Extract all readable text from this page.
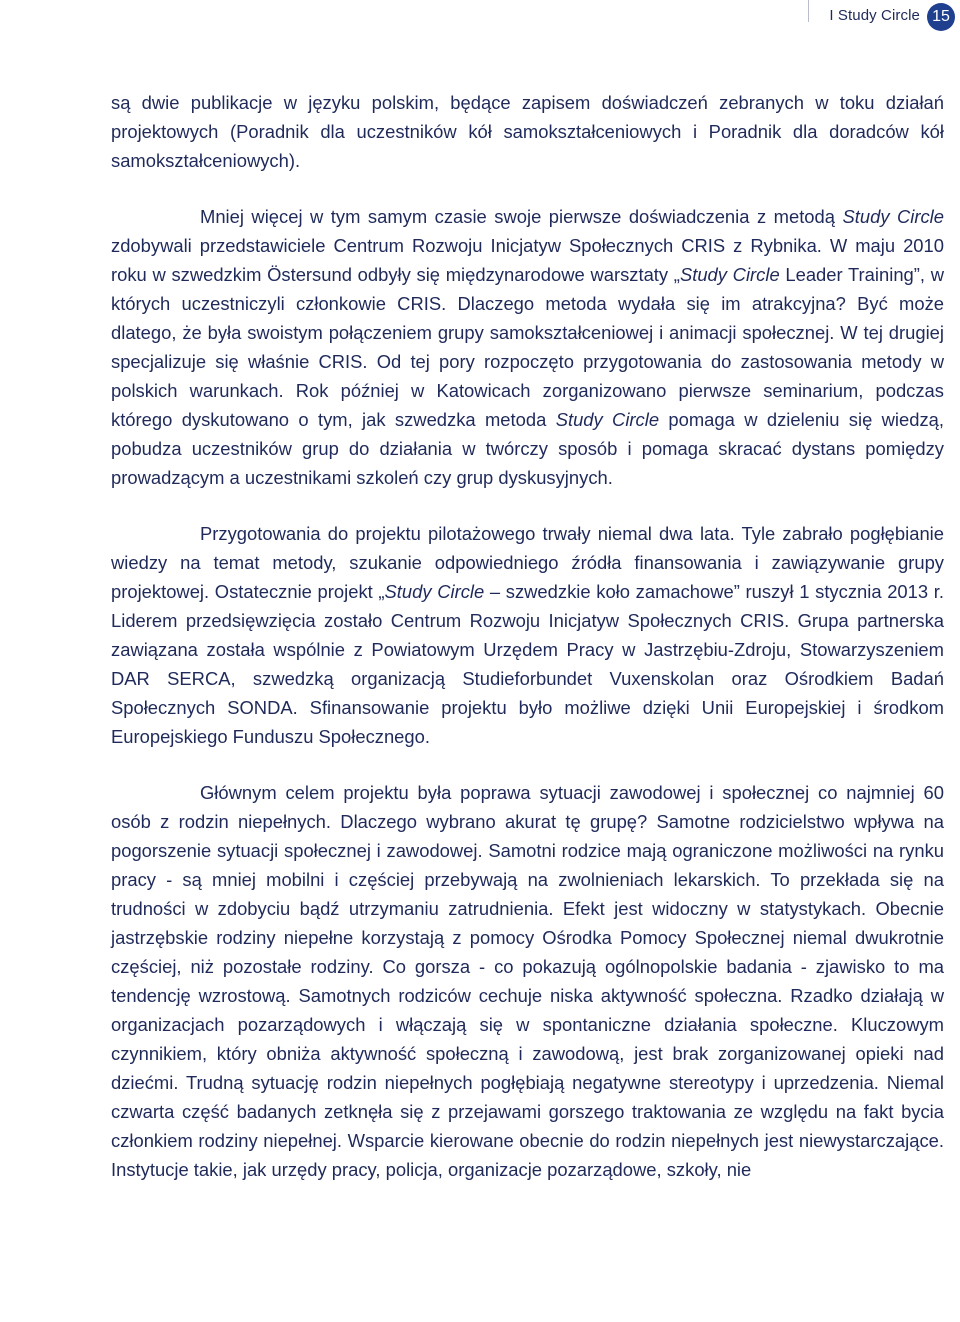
I Study Circle 15

są dwie publikacje w języku polskim, będące zapisem doświadczeń zebranych w toku działań projektowych (Poradnik dla uczestników kół samokształceniowych i Poradnik dla doradców kół samokształceniowych).

Mniej więcej w tym samym czasie swoje pierwsze doświadczenia z metodą Study Circle zdobywali przedstawiciele Centrum Rozwoju Inicjatyw Społecznych CRIS z Rybnika. W maju 2010 roku w szwedzkim Östersund odbyły się międzynarodowe warsztaty „Study Circle Leader Training”, w których uczestniczyli członkowie CRIS. Dlaczego metoda wydała się im atrakcyjna? Być może dlatego, że była swoistym połączeniem grupy samokształceniowej i animacji społecznej. W tej drugiej specjalizuje się właśnie CRIS. Od tej pory rozpoczęto przygotowania do zastosowania metody w polskich warunkach. Rok później w Katowicach zorganizowano pierwsze seminarium, podczas którego dyskutowano o tym, jak szwedzka metoda Study Circle pomaga w dzieleniu się wiedzą, pobudza uczestników grup do działania w twórczy sposób i pomaga skracać dystans pomiędzy prowadzącym a uczestnikami szkoleń czy grup dyskusyjnych.

Przygotowania do projektu pilotażowego trwały niemal dwa lata. Tyle zabrało pogłębianie wiedzy na temat metody, szukanie odpowiedniego źródła finansowania i zawiązywanie grupy projektowej. Ostatecznie projekt „Study Circle – szwedzkie koło zamachowe” ruszył 1 stycznia 2013 r. Liderem przedsięwzięcia zostało Centrum Rozwoju Inicjatyw Społecznych CRIS. Grupa partnerska zawiązana została wspólnie z Powiatowym Urzędem Pracy w Jastrzębiu-Zdroju, Stowarzyszeniem DAR SERCA, szwedzką organizacją Studieforbundet Vuxenskolan oraz Ośrodkiem Badań Społecznych SONDA. Sfinansowanie projektu było możliwe dzięki Unii Europejskiej i środkom Europejskiego Funduszu Społecznego.

Głównym celem projektu była poprawa sytuacji zawodowej i społecznej co najmniej 60 osób z rodzin niepełnych. Dlaczego wybrano akurat tę grupę? Samotne rodzicielstwo wpływa na pogorszenie sytuacji społecznej i zawodowej. Samotni rodzice mają ograniczone możliwości na rynku pracy - są mniej mobilni i częściej przebywają na zwolnieniach lekarskich. To przekłada się na trudności w zdobyciu bądź utrzymaniu zatrudnienia. Efekt jest widoczny w statystykach. Obecnie jastrzębskie rodziny niepełne korzystają z pomocy Ośrodka Pomocy Społecznej niemal dwukrotnie częściej, niż pozostałe rodziny. Co gorsza - co pokazują ogólnopolskie badania - zjawisko to ma tendencję wzrostową. Samotnych rodziców cechuje niska aktywność społeczna. Rzadko działają w organizacjach pozarządowych i włączają się w spontaniczne działania społeczne. Kluczowym czynnikiem, który obniża aktywność społeczną i zawodową, jest brak zorganizowanej opieki nad dziećmi. Trudną sytuację rodzin niepełnych pogłębiają negatywne stereotypy i uprzedzenia. Niemal czwarta część badanych zetknęła się z przejawami gorszego traktowania ze względu na fakt bycia członkiem rodziny niepełnej. Wsparcie kierowane obecnie do rodzin niepełnych jest niewystarczające. Instytucje takie, jak urzędy pracy, policja, organizacje pozarządowe, szkoły, nie
